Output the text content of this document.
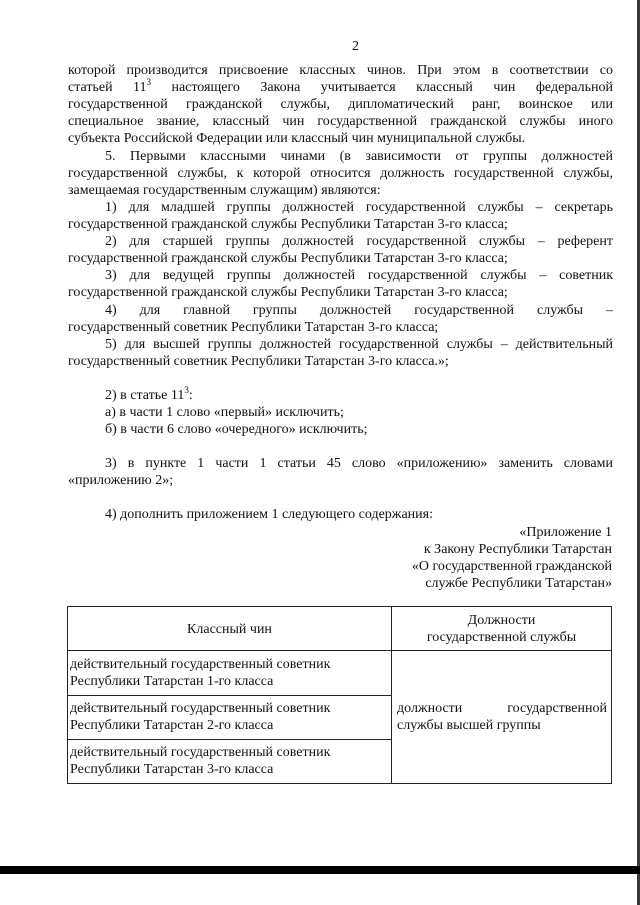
2
которой производится присвоение классных чинов. При этом в соответствии со
статьей $11^3$ настоящего Закона учитывается классный чин федеральной
государственной гражданской службы, дипломатический ранг, воинское или
специальное звание, классный чин государственной гражданской службы иного
субъекта Российской Федерации или классный чин муниципальной службы.
5. Первыми классными чинами (в зависимости от группы должностей
государственной службы, к которой относится должность государственной службы,
замещаемая государственным служащим) являются:
1) для младшей группы должностей государственной службы – секретарь
государственной гражданской службы Республики Татарстан 3-го класса;
2) для старшей группы должностей государственной службы – референт
государственной гражданской службы Республики Татарстан 3-го класса;
3) для ведущей группы должностей государственной службы – советник
государственной гражданской службы Республики Татарстан 3-го класса;
4) для главной группы должностей государственной службы –
государственный советник Республики Татарстан 3-го класса;
5) для высшей группы должностей государственной службы – действительный
государственный советник Республики Татарстан 3-го класса.»;
2) в статье $11^3$:
а) в части 1 слово «первый» исключить;
б) в части 6 слово «очередного» исключить;
3) в пункте 1 части 1 статьи 45 слово «приложению» заменить словами
«приложению 2»;
4) дополнить приложением 1 следующего содержания:
«Приложение 1
к Закону Республики Татарстан
«О государственной гражданской
службе Республики Татарстан»
Классный чин
Должности
государственной службы
действительный государственный советник
Республики Татарстан 1-го класса
действительный государственный советник
Республики Татарстан 2-го класса
действительный государственный советник
Республики Татарстан 3-го класса
должности государственной
службы высшей группы
